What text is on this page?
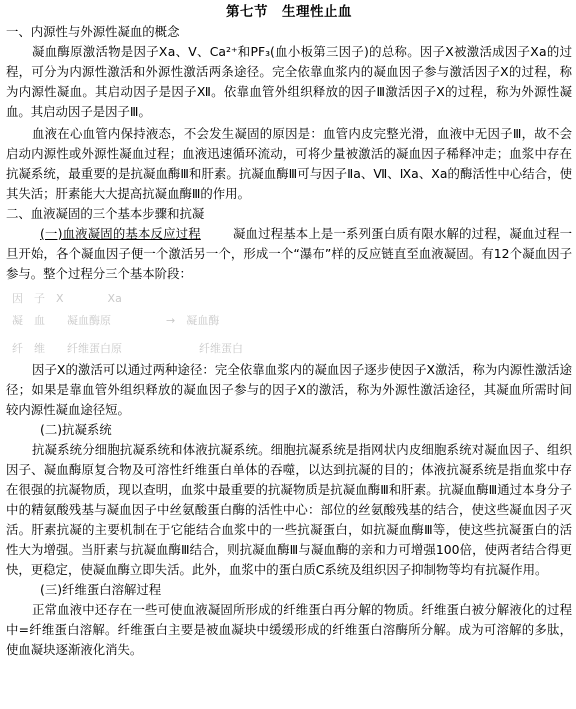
第七节　生理性止血
一、内源性与外源性凝血的概念

凝血酶原激活物是因子Ⅹa、Ⅴ、Ca²⁺和PF₃(血小板第三因子)的总称。因子Ⅹ被激活成因子Ⅹa的过程，可分为内源性激活和外源性激活两条途径。完全依靠血浆内的凝血因子参与激活因子Ⅹ的过程，称为内源性凝血。其启动因子是因子Ⅻ。依靠血管外组织释放的因子Ⅲ激活因子Ⅹ的过程，称为外源性凝血。其启动因子是因子Ⅲ。

血液在心血管内保持液态，不会发生凝固的原因是：血管内皮完整光滑，血液中无因子Ⅲ，故不会启动内源性或外源性凝血过程；血液迅速循环流动，可将少量被激活的凝血因子稀释冲走；血浆中存在抗凝系统，最重要的是抗凝血酶Ⅲ和肝素。抗凝血酶Ⅲ可与因子Ⅱa、Ⅶ、Ⅸa、Ⅹa的酶活性中心结合，使其失活；肝素能大大提高抗凝血酶Ⅲ的作用。

二、血液凝固的三个基本步骤和抗凝

(一)血液凝固的基本反应过程	凝血过程基本上是一系列蛋白质有限水解的过程，凝血过程一旦开始，各个凝血因子便一个激活另一个，形成一个“瀑布”样的反应链直至血液凝固。有12个凝血因子参与。整个过程分三个基本阶段：

因　子　Ⅹ　　　　Ⅹa
凝　血　　凝血酶原　　　　　→　凝血酶
纤　维　　纤维蛋白原　　　　　　　纤维蛋白

因子Ⅹ的激活可以通过两种途径：完全依靠血浆内的凝血因子逐步使因子Ⅹ激活，称为内源性激活途径；如果是靠血管外组织释放的凝血因子参与的因子Ⅹ的激活，称为外源性激活途径，其凝血所需时间较内源性凝血途径短。

(二)抗凝系统

抗凝系统分细胞抗凝系统和体液抗凝系统。细胞抗凝系统是指网状内皮细胞系统对凝血因子、组织因子、凝血酶原复合物及可溶性纤维蛋白单体的吞噬，以达到抗凝的目的；体液抗凝系统是指血浆中存在很强的抗凝物质，现以查明，血浆中最重要的抗凝物质是抗凝血酶Ⅲ和肝素。抗凝血酶Ⅲ通过本身分子中的精氨酸残基与凝血因子中丝氨酸蛋白酶的活性中心：部位的丝氨酸残基的结合，使这些凝血因子灭活。肝素抗凝的主要机制在于它能结合血浆中的一些抗凝蛋白，如抗凝血酶Ⅲ等，使这些抗凝蛋白的活性大为增强。当肝素与抗凝血酶Ⅲ结合，则抗凝血酶Ⅲ与凝血酶的亲和力可增强100倍，使两者结合得更快，更稳定，使凝血酶立即失活。此外，血浆中的蛋白质C系统及组织因子抑制物等均有抗凝作用。

(三)纤维蛋白溶解过程

正常血液中还存在一些可使血液凝固所形成的纤维蛋白再分解的物质。纤维蛋白被分解液化的过程中=纤维蛋白溶解。纤维蛋白主要是被血凝块中缓缓形成的纤维蛋白溶酶所分解。成为可溶解的多肽，使血凝块逐渐液化消失。
